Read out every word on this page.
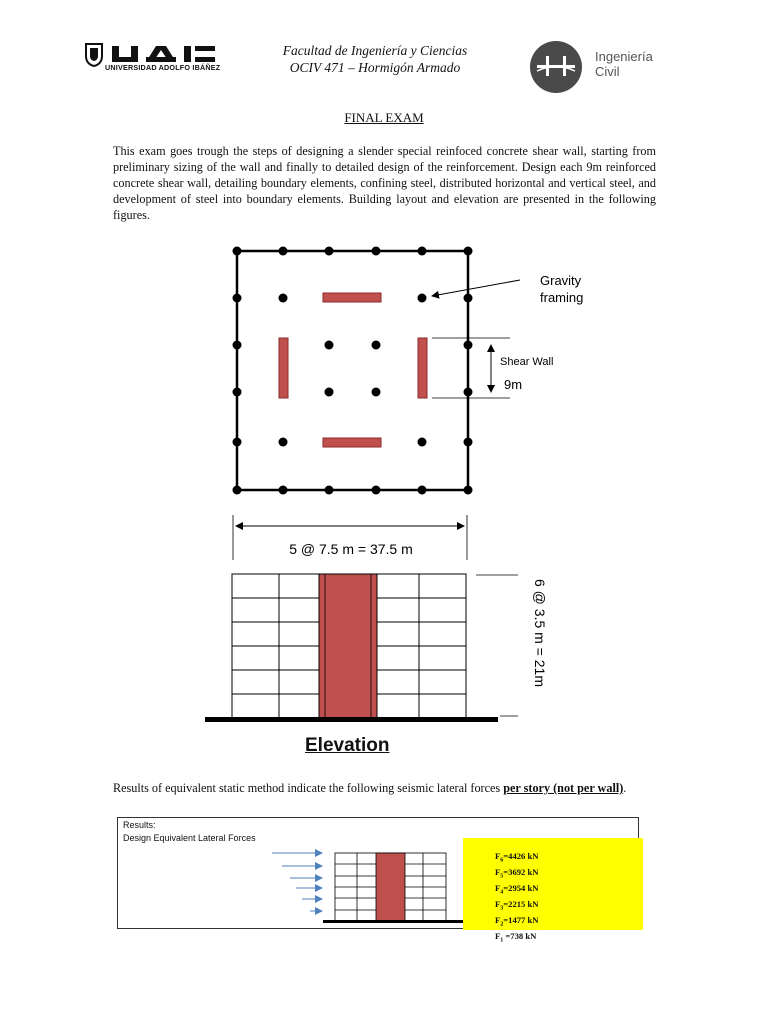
UNIVERSIDAD ADOLFO IBÁÑEZ
Facultad de Ingeniería y Ciencias
OCIV 471 – Hormigón Armado
Ingeniería
Civil
FINAL EXAM
This exam goes trough the steps of designing a slender special reinfoced concrete shear wall, starting from preliminary sizing of the wall and finally to detailed design of the reinforcement. Design each 9m reinforced concrete shear wall, detailing boundary elements, confining steel, distributed horizontal and vertical steel, and development of steel into boundary elements. Building layout and elevation are presented in the following figures.
Gravity
framing
Shear Wall
9m
5 @ 7.5 m = 37.5 m
6 @ 3.5 m = 21m
Elevation
Results of equivalent static method indicate the following seismic lateral forces per story (not per wall).
Results:
Design Equivalent Lateral Forces
$F_6=4426$ kN
$F_5=3692$ kN
$F_4=2954$ kN
$F_3=2215$ kN
$F_2=1477$ kN
$F_1 =738$ kN
